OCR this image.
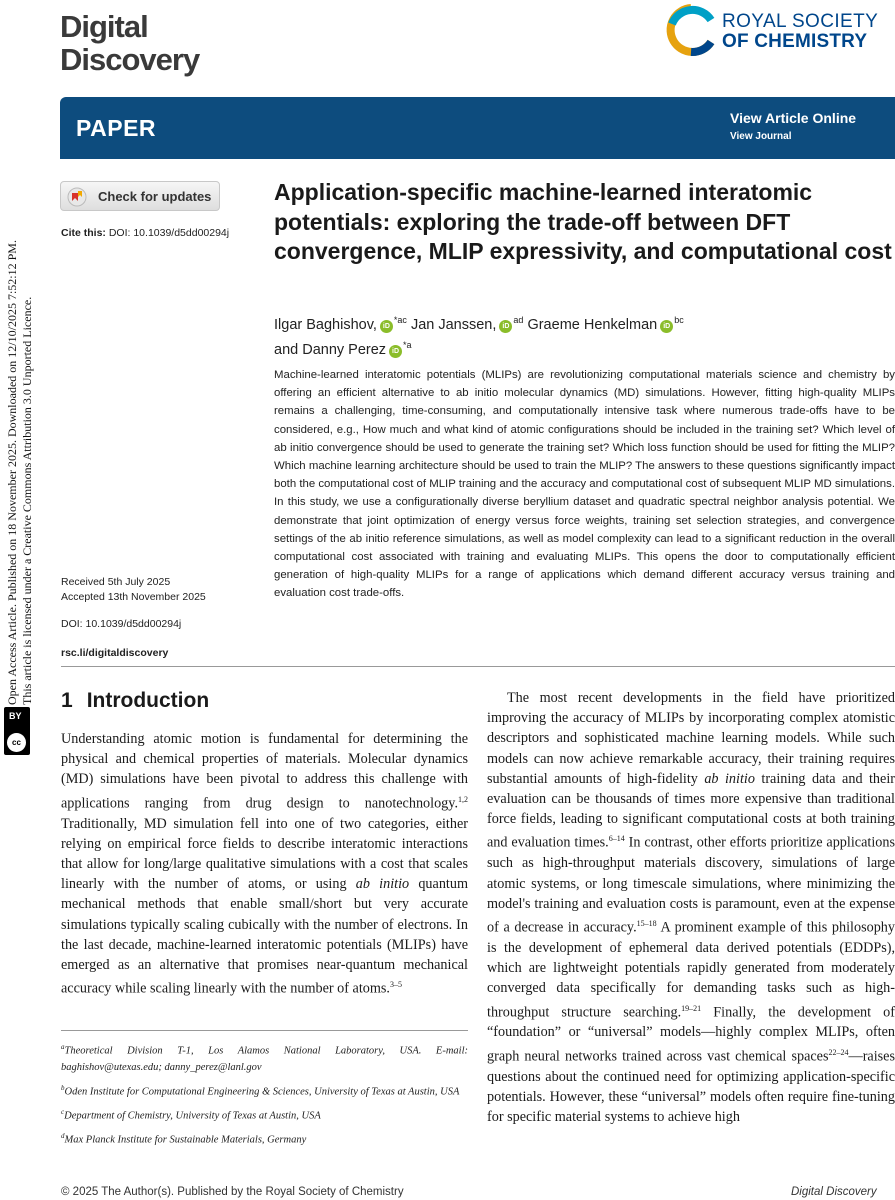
Digital
Discovery
ROYAL SOCIETY
OF CHEMISTRY
PAPER	View Article Online
View Journal
Check for updates
Cite this: DOI: 10.1039/d5dd00294j
Received 5th July 2025
Accepted 13th November 2025
DOI: 10.1039/d5dd00294j
rsc.li/digitaldiscovery
Application-specific machine-learned interatomic potentials: exploring the trade-off between DFT convergence, MLIP expressivity, and computational cost
Ilgar Baghishov, $iD^{*ac}$ Jan Janssen, $iD^{ad}$ Graeme Henkelman $iD^{bc}$
and Danny Perez $iD^{*a}$

Machine-learned interatomic potentials (MLIPs) are revolutionizing computational materials science and chemistry by offering an efficient alternative to ab initio molecular dynamics (MD) simulations. However, fitting high-quality MLIPs remains a challenging, time-consuming, and computationally intensive task where numerous trade-offs have to be considered, e.g., How much and what kind of atomic configurations should be included in the training set? Which level of ab initio convergence should be used to generate the training set? Which loss function should be used for fitting the MLIP? Which machine learning architecture should be used to train the MLIP? The answers to these questions significantly impact both the computational cost of MLIP training and the accuracy and computational cost of subsequent MLIP MD simulations. In this study, we use a configurationally diverse beryllium dataset and quadratic spectral neighbor analysis potential. We demonstrate that joint optimization of energy versus force weights, training set selection strategies, and convergence settings of the ab initio reference simulations, as well as model complexity can lead to a significant reduction in the overall computational cost associated with training and evaluating MLIPs. This opens the door to computationally efficient generation of high-quality MLIPs for a range of applications which demand different accuracy versus training and evaluation cost trade-offs.

Open Access Article. Published on 18 November 2025. Downloaded on 12/10/2025 7:52:12 PM. This article is licensed under a Creative Commons Attribution 3.0 Unported Licence.
BY
cc
1 Introduction

Understanding atomic motion is fundamental for determining the physical and chemical properties of materials. Molecular dynamics (MD) simulations have been pivotal to address this challenge with applications ranging from drug design to nanotechnology.$^{1,2}$ Traditionally, MD simulation fell into one of two categories, either relying on empirical force fields to describe interatomic interactions that allow for long/large qualitative simulations with a cost that scales linearly with the number of atoms, or using ab initio quantum mechanical methods that enable small/short but very accurate simulations typically scaling cubically with the number of electrons. In the last decade, machine-learned interatomic potentials (MLIPs) have emerged as an alternative that promises near-quantum mechanical accuracy while scaling linearly with the number of atoms.$^{3-5}$

The most recent developments in the field have prioritized improving the accuracy of MLIPs by incorporating complex atomistic descriptors and sophisticated machine learning models. While such models can now achieve remarkable accuracy, their training requires substantial amounts of high-fidelity ab initio training data and their evaluation can be thousands of times more expensive than traditional force fields, leading to significant computational costs at both training and evaluation times.$^{6-14}$ In contrast, other efforts prioritize applications such as high-throughput materials discovery, simulations of large atomic systems, or long timescale simulations, where minimizing the model's training and evaluation costs is paramount, even at the expense of a decrease in accuracy.$^{15-18}$ A prominent example of this philosophy is the development of ephemeral data derived potentials (EDDPs), which are lightweight potentials rapidly generated from moderately converged data specifically for demanding tasks such as high-throughput structure searching.$^{19-21}$ Finally, the development of “foundation” or “universal” models—highly complex MLIPs, often graph neural networks trained across vast chemical spaces$^{22-24}$—raises questions about the continued need for optimizing application-specific potentials. However, these “universal” models often require fine-tuning for specific material systems to achieve high

$^a$Theoretical Division T-1, Los Alamos National Laboratory, USA. E-mail: baghishov@utexas.edu; danny_perez@lanl.gov

$^b$Oden Institute for Computational Engineering & Sciences, University of Texas at Austin, USA

$^c$Department of Chemistry, University of Texas at Austin, USA

$^d$Max Planck Institute for Sustainable Materials, Germany

© 2025 The Author(s). Published by the Royal Society of Chemistry	Digital Discovery
